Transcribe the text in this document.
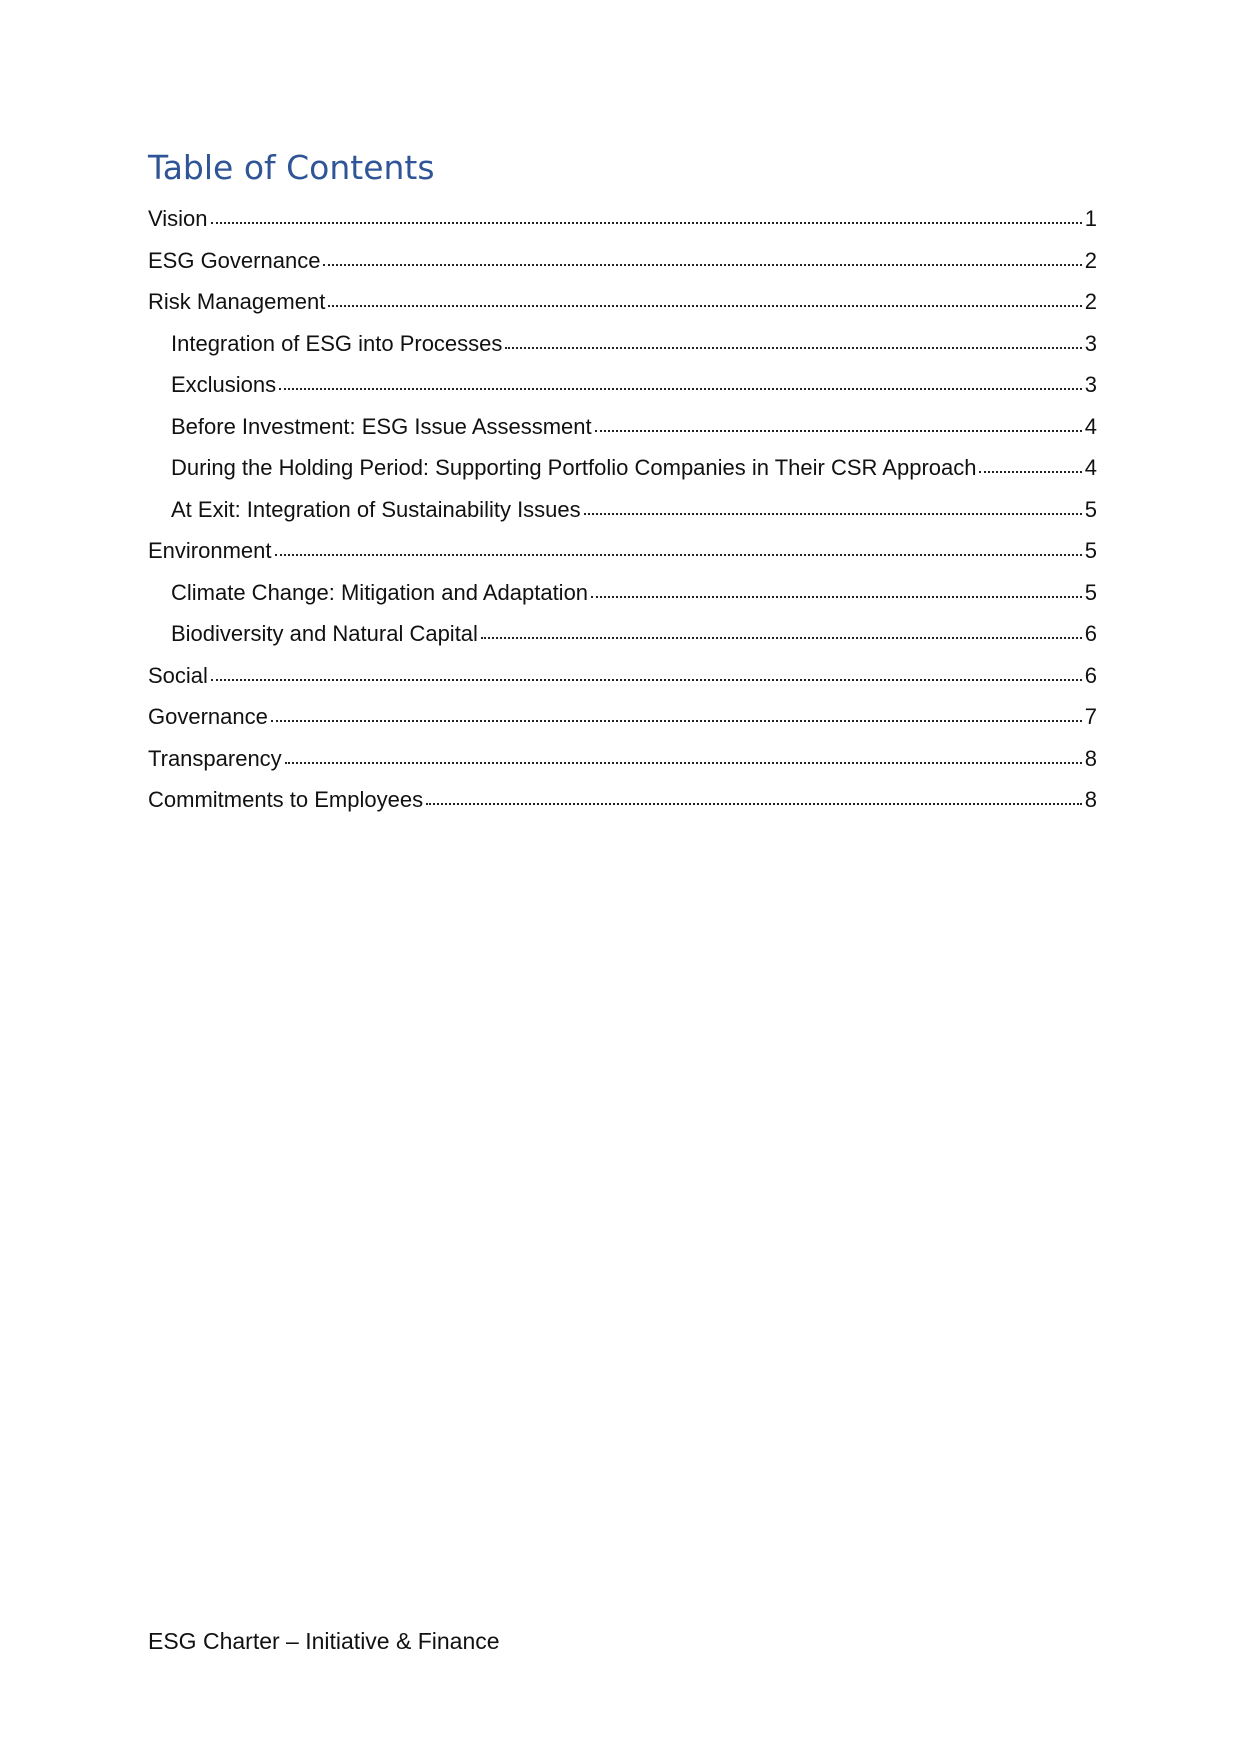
Table of Contents
Vision	1
ESG Governance	2
Risk Management	2
Integration of ESG into Processes	3
Exclusions	3
Before Investment: ESG Issue Assessment	4
During the Holding Period: Supporting Portfolio Companies in Their CSR Approach	4
At Exit: Integration of Sustainability Issues	5
Environment	5
Climate Change: Mitigation and Adaptation	5
Biodiversity and Natural Capital	6
Social	6
Governance	7
Transparency	8
Commitments to Employees	8
ESG Charter – Initiative & Finance
